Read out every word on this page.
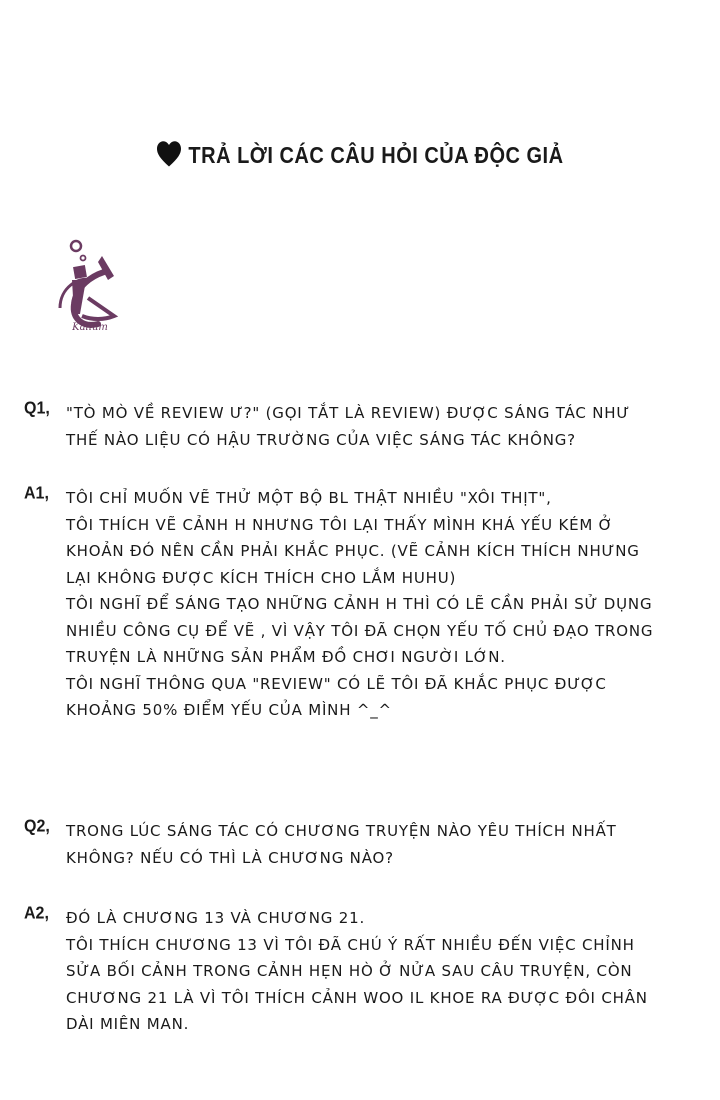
TRẢ LỜI CÁC CÂU HỎI CỦA ĐỘC GIẢ
Kalium
Q1, "TÒ MÒ VỀ REVIEW Ư?" (GỌI TẮT LÀ REVIEW) ĐƯỢC SÁNG TÁC NHƯ
THẾ NÀO LIỆU CÓ HẬU TRƯỜNG CỦA VIỆC SÁNG TÁC KHÔNG?
A1, TÔI CHỈ MUỐN VẼ THỬ MỘT BỘ BL THẬT NHIỀU "XÔI THỊT",
TÔI THÍCH VẼ CẢNH H NHƯNG TÔI LẠI THẤY MÌNH KHÁ YẾU KÉM Ở
KHOẢN ĐÓ NÊN CẦN PHẢI KHẮC PHỤC. (VẼ CẢNH KÍCH THÍCH NHƯNG
LẠI KHÔNG ĐƯỢC KÍCH THÍCH CHO LẮM HUHU)
TÔI NGHĨ ĐỂ SÁNG TẠO NHỮNG CẢNH H THÌ CÓ LẼ CẦN PHẢI SỬ DỤNG
NHIỀU CÔNG CỤ ĐỂ VẼ , VÌ VẬY TÔI ĐÃ CHỌN YẾU TỐ CHỦ ĐẠO TRONG
TRUYỆN LÀ NHỮNG SẢN PHẨM ĐỒ CHƠI NGƯỜI LỚN.
TÔI NGHĨ THÔNG QUA "REVIEW" CÓ LẼ TÔI ĐÃ KHẮC PHỤC ĐƯỢC
KHOẢNG 50% ĐIỂM YẾU CỦA MÌNH ^_^
Q2, TRONG LÚC SÁNG TÁC CÓ CHƯƠNG TRUYỆN NÀO YÊU THÍCH NHẤT
KHÔNG? NẾU CÓ THÌ LÀ CHƯƠNG NÀO?
A2, ĐÓ LÀ CHƯƠNG 13 VÀ CHƯƠNG 21.
TÔI THÍCH CHƯƠNG 13 VÌ TÔI ĐÃ CHÚ Ý RẤT NHIỀU ĐẾN VIỆC CHỈNH
SỬA BỐI CẢNH TRONG CẢNH HẸN HÒ Ở NỬA SAU CÂU TRUYỆN, CÒN
CHƯƠNG 21 LÀ VÌ TÔI THÍCH CẢNH WOO IL KHOE RA ĐƯỢC ĐÔI CHÂN
DÀI MIÊN MAN.
